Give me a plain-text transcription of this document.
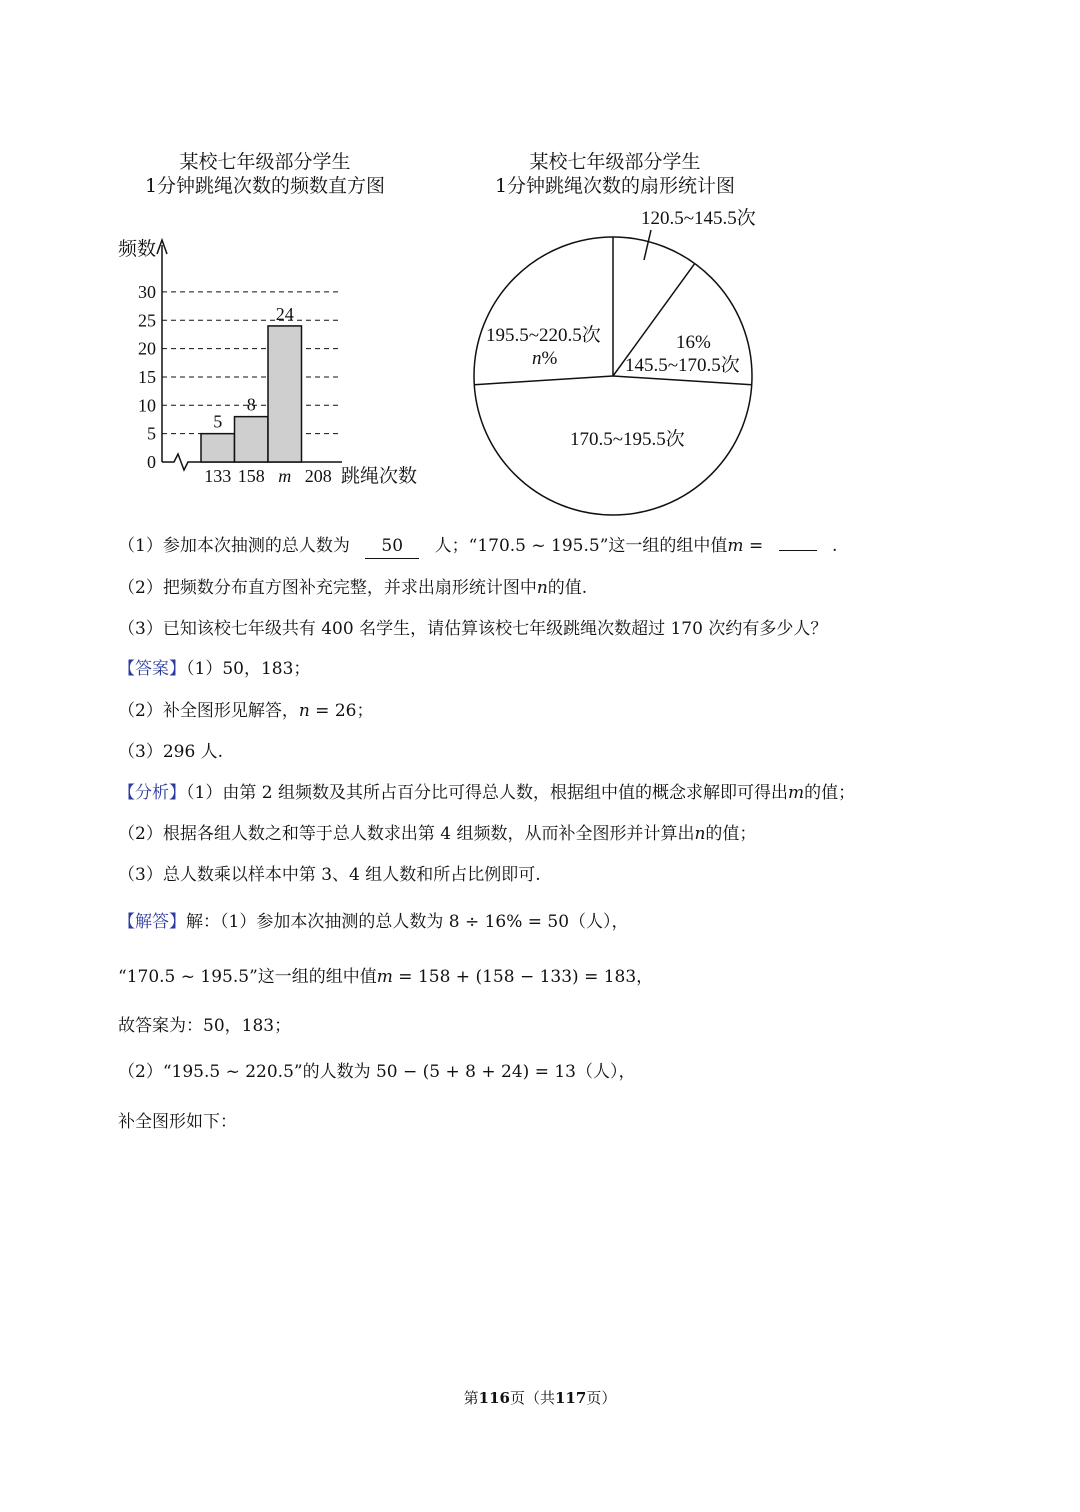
某校七年级部分学生
1分钟跳绳次数的频数直方图
某校七年级部分学生
1分钟跳绳次数的扇形统计图
频数
0
5
10
15
20
25
30
5
8
24
133 158 m 208 跳绳次数
120.5~145.5次
16%
145.5~170.5次
170.5~195.5次
195.5~220.5次
n%
（1）参加本次抽测的总人数为 50 人；“170.5 ~ 195.5”这一组的组中值m =	.
（2）把频数分布直方图补充完整，并求出扇形统计图中n的值.
（3）已知该校七年级共有 400 名学生，请估算该校七年级跳绳次数超过 170 次约有多少人？
【答案】（1）50，183；
（2）补全图形见解答，n = 26；
（3）296 人.
【分析】（1）由第 2 组频数及其所占百分比可得总人数，根据组中值的概念求解即可得出m的值；
（2）根据各组人数之和等于总人数求出第 4 组频数，从而补全图形并计算出n的值；
（3）总人数乘以样本中第 3、4 组人数和所占比例即可.
【解答】解：（1）参加本次抽测的总人数为 8 ÷ 16% = 50（人），
“170.5 ~ 195.5”这一组的组中值m = 158 + (158 − 133) = 183，
故答案为：50，183；
（2）“195.5 ~ 220.5”的人数为 50 − (5 + 8 + 24) = 13（人），
补全图形如下：
第116页（共117页）
